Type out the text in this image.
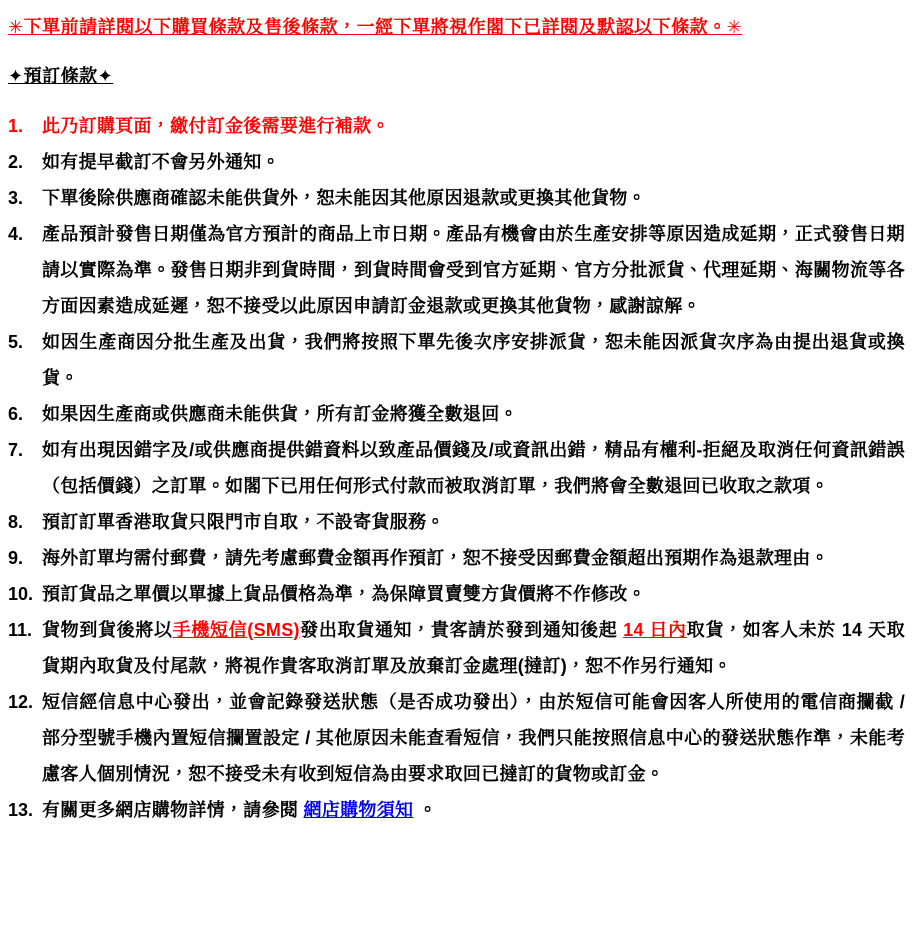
✳下單前請詳閱以下購買條款及售後條款，一經下單將視作閣下已詳閱及默認以下條款。✳
✦預訂條款✦
1.	此乃訂購頁面，繳付訂金後需要進行補款。
2.	如有提早截訂不會另外通知。
3.	下單後除供應商確認未能供貨外，恕未能因其他原因退款或更換其他貨物。
4.	產品預計發售日期僅為官方預計的商品上市日期。產品有機會由於生產安排等原因造成延期，正式發售日期請以實際為準。發售日期非到貨時間，到貨時間會受到官方延期、官方分批派貨、代理延期、海關物流等各方面因素造成延遲，恕不接受以此原因申請訂金退款或更換其他貨物，感謝諒解。
5.	如因生產商因分批生產及出貨，我們將按照下單先後次序安排派貨，恕未能因派貨次序為由提出退貨或換貨。
6.	如果因生產商或供應商未能供貨，所有訂金將獲全數退回。
7.	如有出現因錯字及/或供應商提供錯資料以致產品價錢及/或資訊出錯，精品有權利-拒絕及取消任何資訊錯誤（包括價錢）之訂單。如閣下已用任何形式付款而被取消訂單，我們將會全數退回已收取之款項。
8.	預訂訂單香港取貨只限門市自取，不設寄貨服務。
9.	海外訂單均需付郵費，請先考慮郵費金額再作預訂，恕不接受因郵費金額超出預期作為退款理由。
10. 預訂貨品之單價以單據上貨品價格為準，為保障買賣雙方貨價將不作修改。
11. 貨物到貨後將以手機短信(SMS)發出取貨通知，貴客請於發到通知後起 14 日內取貨，如客人未於 14 天取貨期內取貨及付尾款，將視作貴客取消訂單及放棄訂金處理(撻訂)，恕不作另行通知。
12. 短信經信息中心發出，並會記錄發送狀態（是否成功發出），由於短信可能會因客人所使用的電信商攔截 / 部分型號手機內置短信攔置設定 / 其他原因未能查看短信，我們只能按照信息中心的發送狀態作準，未能考慮客人個別情況，恕不接受未有收到短信為由要求取回已撻訂的貨物或訂金。
13. 有關更多網店購物詳情，請參閱 網店購物須知 。
